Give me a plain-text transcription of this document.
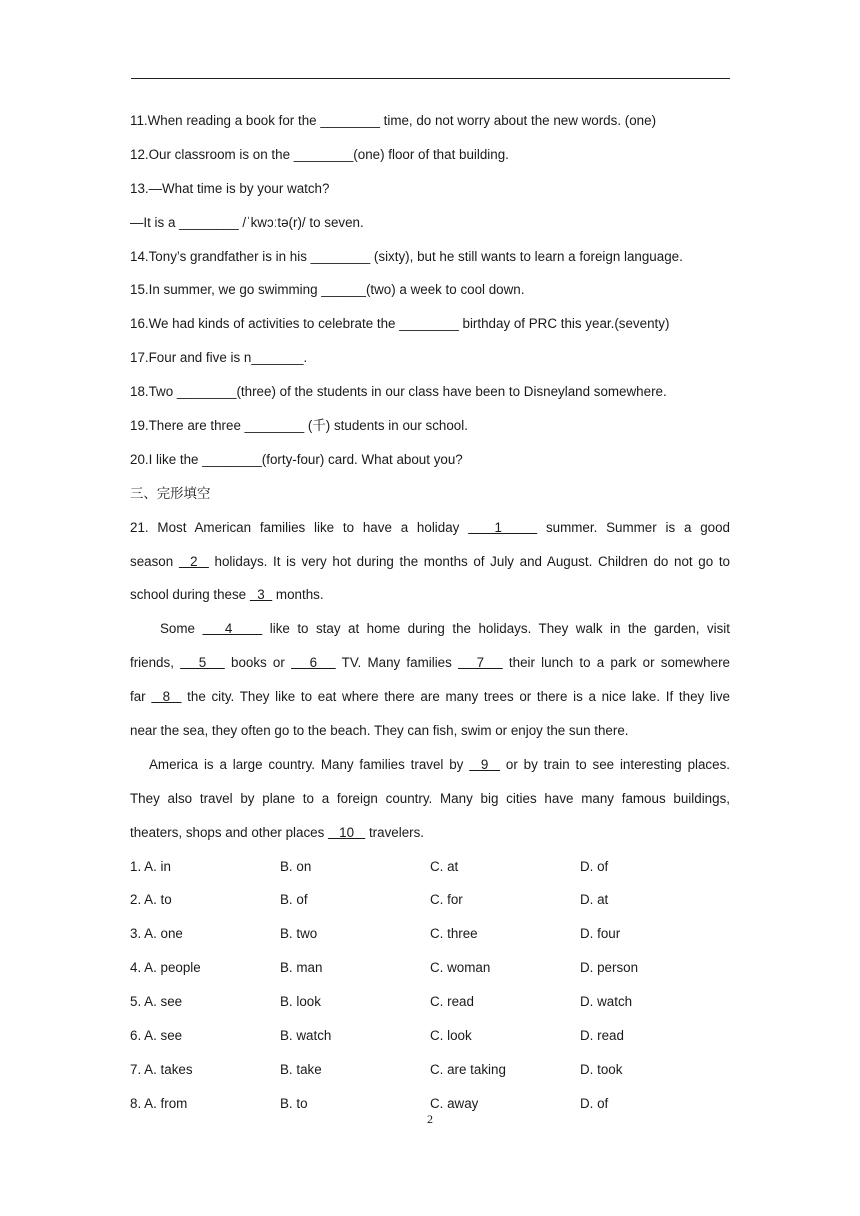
11.When reading a book for the ________ time, do not worry about the new words. (one)
12.Our classroom is on the ________(one) floor of that building.
13.—What time is by your watch?
—It is a ________ /ˈkwɔːtə(r)/ to seven.
14.Tony’s grandfather is in his ________ (sixty), but he still wants to learn a foreign language.
15.In summer, we go swimming ______(two) a week to cool down.
16.We had kinds of activities to celebrate the ________ birthday of PRC this year.(seventy)
17.Four and five is n_______.
18.Two ________(three) of the students in our class have been to Disneyland somewhere.
19.There are three ________ (千) students in our school.
20.I like the ________(forty-four) card. What about you?
三、完形填空
21. Most American families like to have a holiday    1     summer. Summer is a good
season   2   holidays. It is very hot during the months of July and August. Children do not go to
school during these   3   months.
Some    4     like to stay at home during the holidays. They walk in the garden, visit
friends,    5    books or    6    TV. Many families    7    their lunch to a park or somewhere
far   8   the city. They like to eat where there are many trees or there is a nice lake. If they live
near the sea, they often go to the beach. They can fish, swim or enjoy the sun there.
America is a large country. Many families travel by   9   or by train to see interesting places.
They also travel by plane to a foreign country. Many big cities have many famous buildings,
theaters, shops and other places    10    travelers.
1. A. in	B. on	C. at	D. of
2. A. to	B. of	C. for	D. at
3. A. one	B. two	C. three	D. four
4. A. people	B. man	C. woman	D. person
5. A. see	B. look	C. read	D. watch
6. A. see	B. watch	C. look	D. read
7. A. takes	B. take	C. are taking	D. took
8. A. from	B. to	C. away	D. of
2
